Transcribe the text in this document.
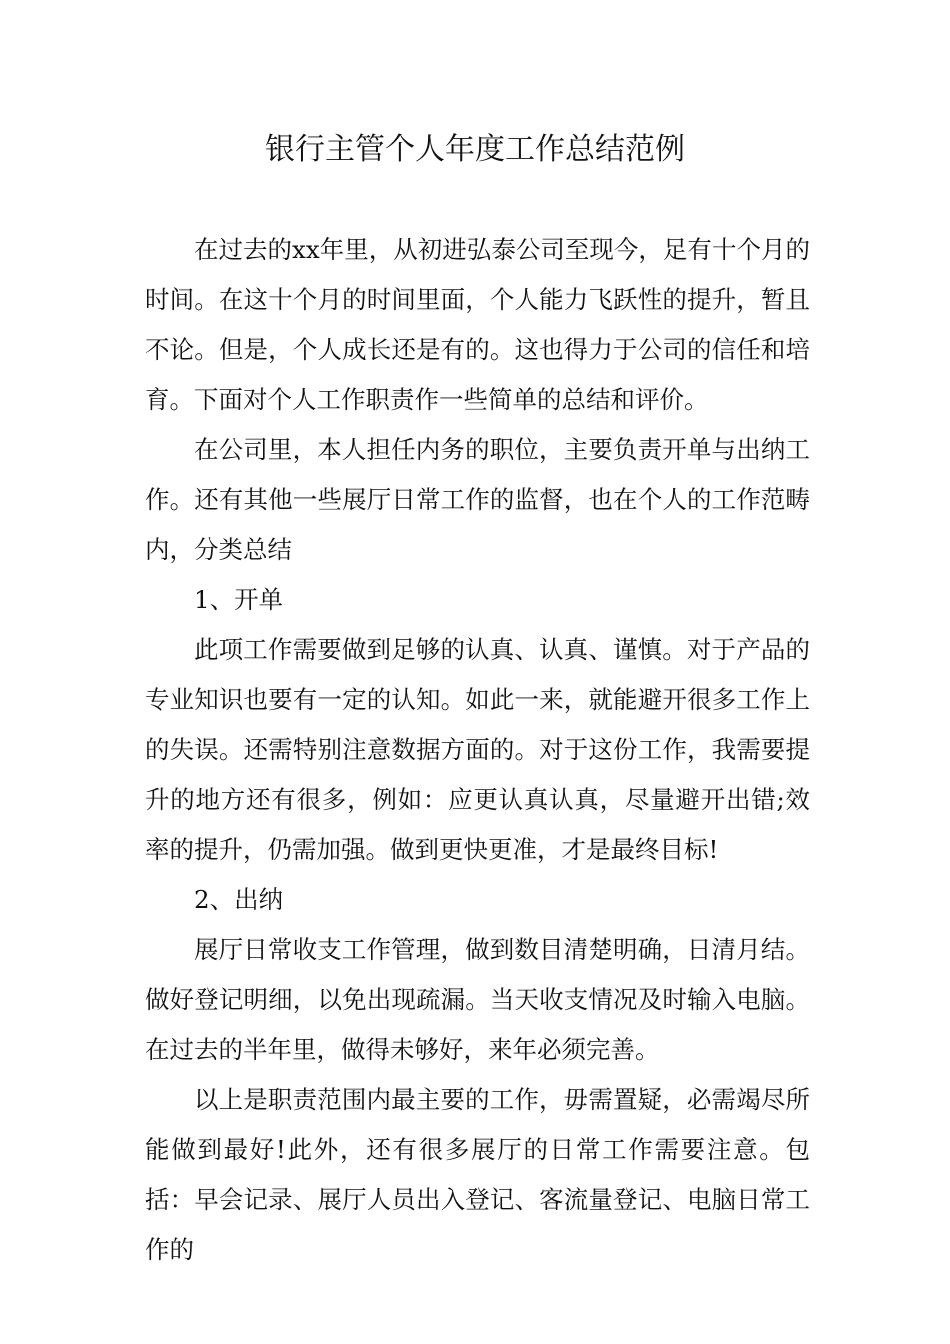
银行主管个人年度工作总结范例

在过去的xx年里，从初进弘泰公司至现今，足有十个月的时间。在这十个月的时间里面，个人能力飞跃性的提升，暂且不论。但是，个人成长还是有的。这也得力于公司的信任和培育。下面对个人工作职责作一些简单的总结和评价。

在公司里，本人担任内务的职位，主要负责开单与出纳工作。还有其他一些展厅日常工作的监督，也在个人的工作范畴内，分类总结

1、开单

此项工作需要做到足够的认真、认真、谨慎。对于产品的专业知识也要有一定的认知。如此一来，就能避开很多工作上的失误。还需特别注意数据方面的。对于这份工作，我需要提升的地方还有很多，例如：应更认真认真，尽量避开出错;效率的提升，仍需加强。做到更快更准，才是最终目标!

2、出纳

展厅日常收支工作管理，做到数目清楚明确，日清月结。做好登记明细，以免出现疏漏。当天收支情况及时输入电脑。在过去的半年里，做得未够好，来年必须完善。

以上是职责范围内最主要的工作，毋需置疑，必需竭尽所能做到最好!此外，还有很多展厅的日常工作需要注意。包括：早会记录、展厅人员出入登记、客流量登记、电脑日常工作的
